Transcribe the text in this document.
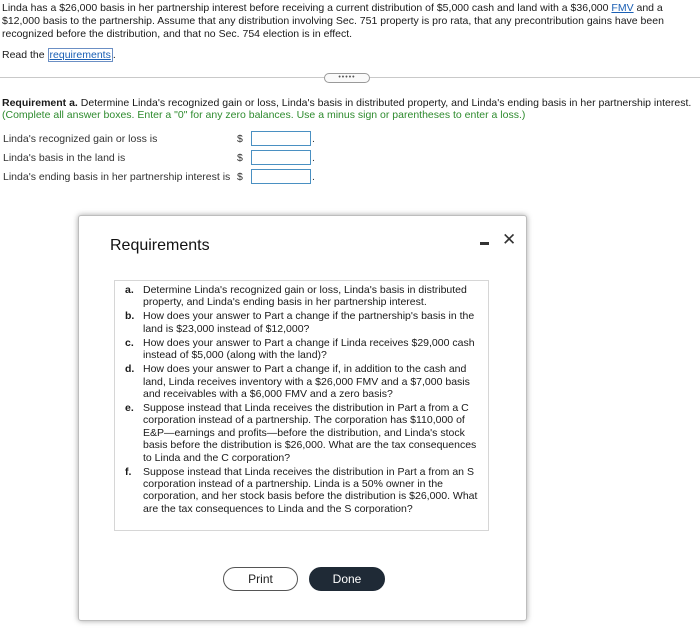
Linda has a $26,000 basis in her partnership interest before receiving a current distribution of $5,000 cash and land with a $36,000 FMV and a $12,000 basis to the partnership. Assume that any distribution involving Sec. 751 property is pro rata, that any precontribution gains have been recognized before the distribution, and that no Sec. 754 election is in effect.
Read the requirements .
•••••
Requirement a. Determine Linda's recognized gain or loss, Linda's basis in distributed property, and Linda's ending basis in her partnership interest.
(Complete all answer boxes. Enter a "0" for any zero balances. Use a minus sign or parentheses to enter a loss.)
Linda's recognized gain or loss is	$	.
Linda's basis in the land is	$	.
Linda's ending basis in her partnership interest is $	.
Requirements	✕
a. Determine Linda's recognized gain or loss, Linda's basis in distributed property, and Linda's ending basis in her partnership interest.
b. How does your answer to Part a change if the partnership's basis in the land is $23,000 instead of $12,000?
c. How does your answer to Part a change if Linda receives $29,000 cash instead of $5,000 (along with the land)?
d. How does your answer to Part a change if, in addition to the cash and land, Linda receives inventory with a $26,000 FMV and a $7,000 basis and receivables with a $6,000 FMV and a zero basis?
e. Suppose instead that Linda receives the distribution in Part a from a C corporation instead of a partnership. The corporation has $110,000 of E&P—earnings and profits—before the distribution, and Linda's stock basis before the distribution is $26,000. What are the tax consequences to Linda and the C corporation?
f. Suppose instead that Linda receives the distribution in Part a from an S corporation instead of a partnership. Linda is a 50% owner in the corporation, and her stock basis before the distribution is $26,000. What are the tax consequences to Linda and the S corporation?
Print	Done
